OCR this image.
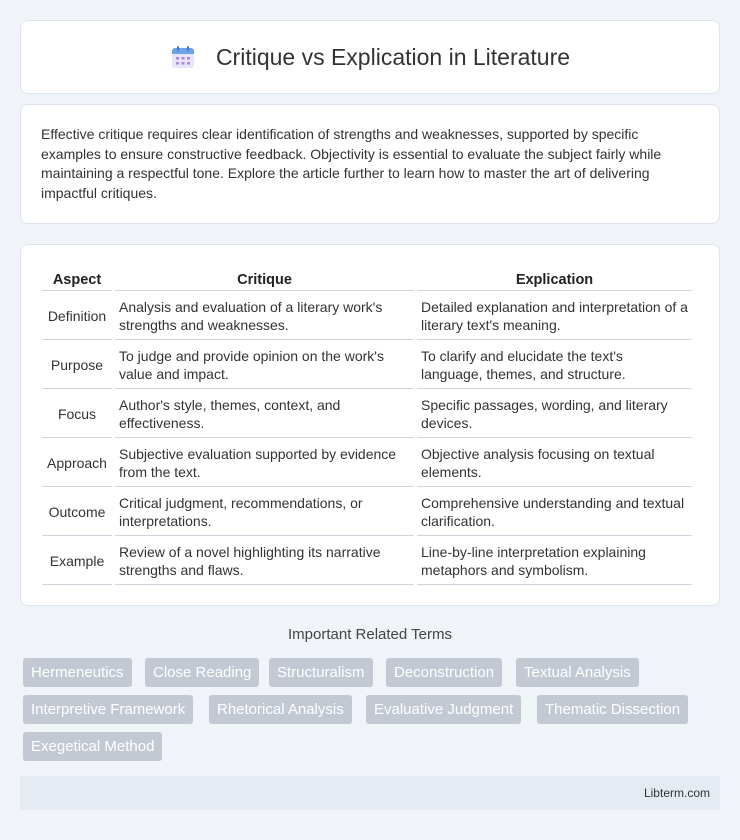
Critique vs Explication in Literature

Effective critique requires clear identification of strengths and weaknesses, supported by specific examples to ensure constructive feedback. Objectivity is essential to evaluate the subject fairly while maintaining a respectful tone. Explore the article further to learn how to master the art of delivering impactful critiques.

Aspect	Critique	Explication
Definition	Analysis and evaluation of a literary work's strengths and weaknesses.	Detailed explanation and interpretation of a literary text's meaning.
Purpose	To judge and provide opinion on the work's value and impact.	To clarify and elucidate the text's language, themes, and structure.
Focus	Author's style, themes, context, and effectiveness.	Specific passages, wording, and literary devices.
Approach	Subjective evaluation supported by evidence from the text.	Objective analysis focusing on textual elements.
Outcome	Critical judgment, recommendations, or interpretations.	Comprehensive understanding and textual clarification.
Example	Review of a novel highlighting its narrative strengths and flaws.	Line-by-line interpretation explaining metaphors and symbolism.
Important Related Terms
Hermeneutics	Close Reading	Structuralism	Deconstruction	Textual Analysis
Interpretive Framework	Rhetorical Analysis	Evaluative Judgment	Thematic Dissection
Exegetical Method
Libterm.com
